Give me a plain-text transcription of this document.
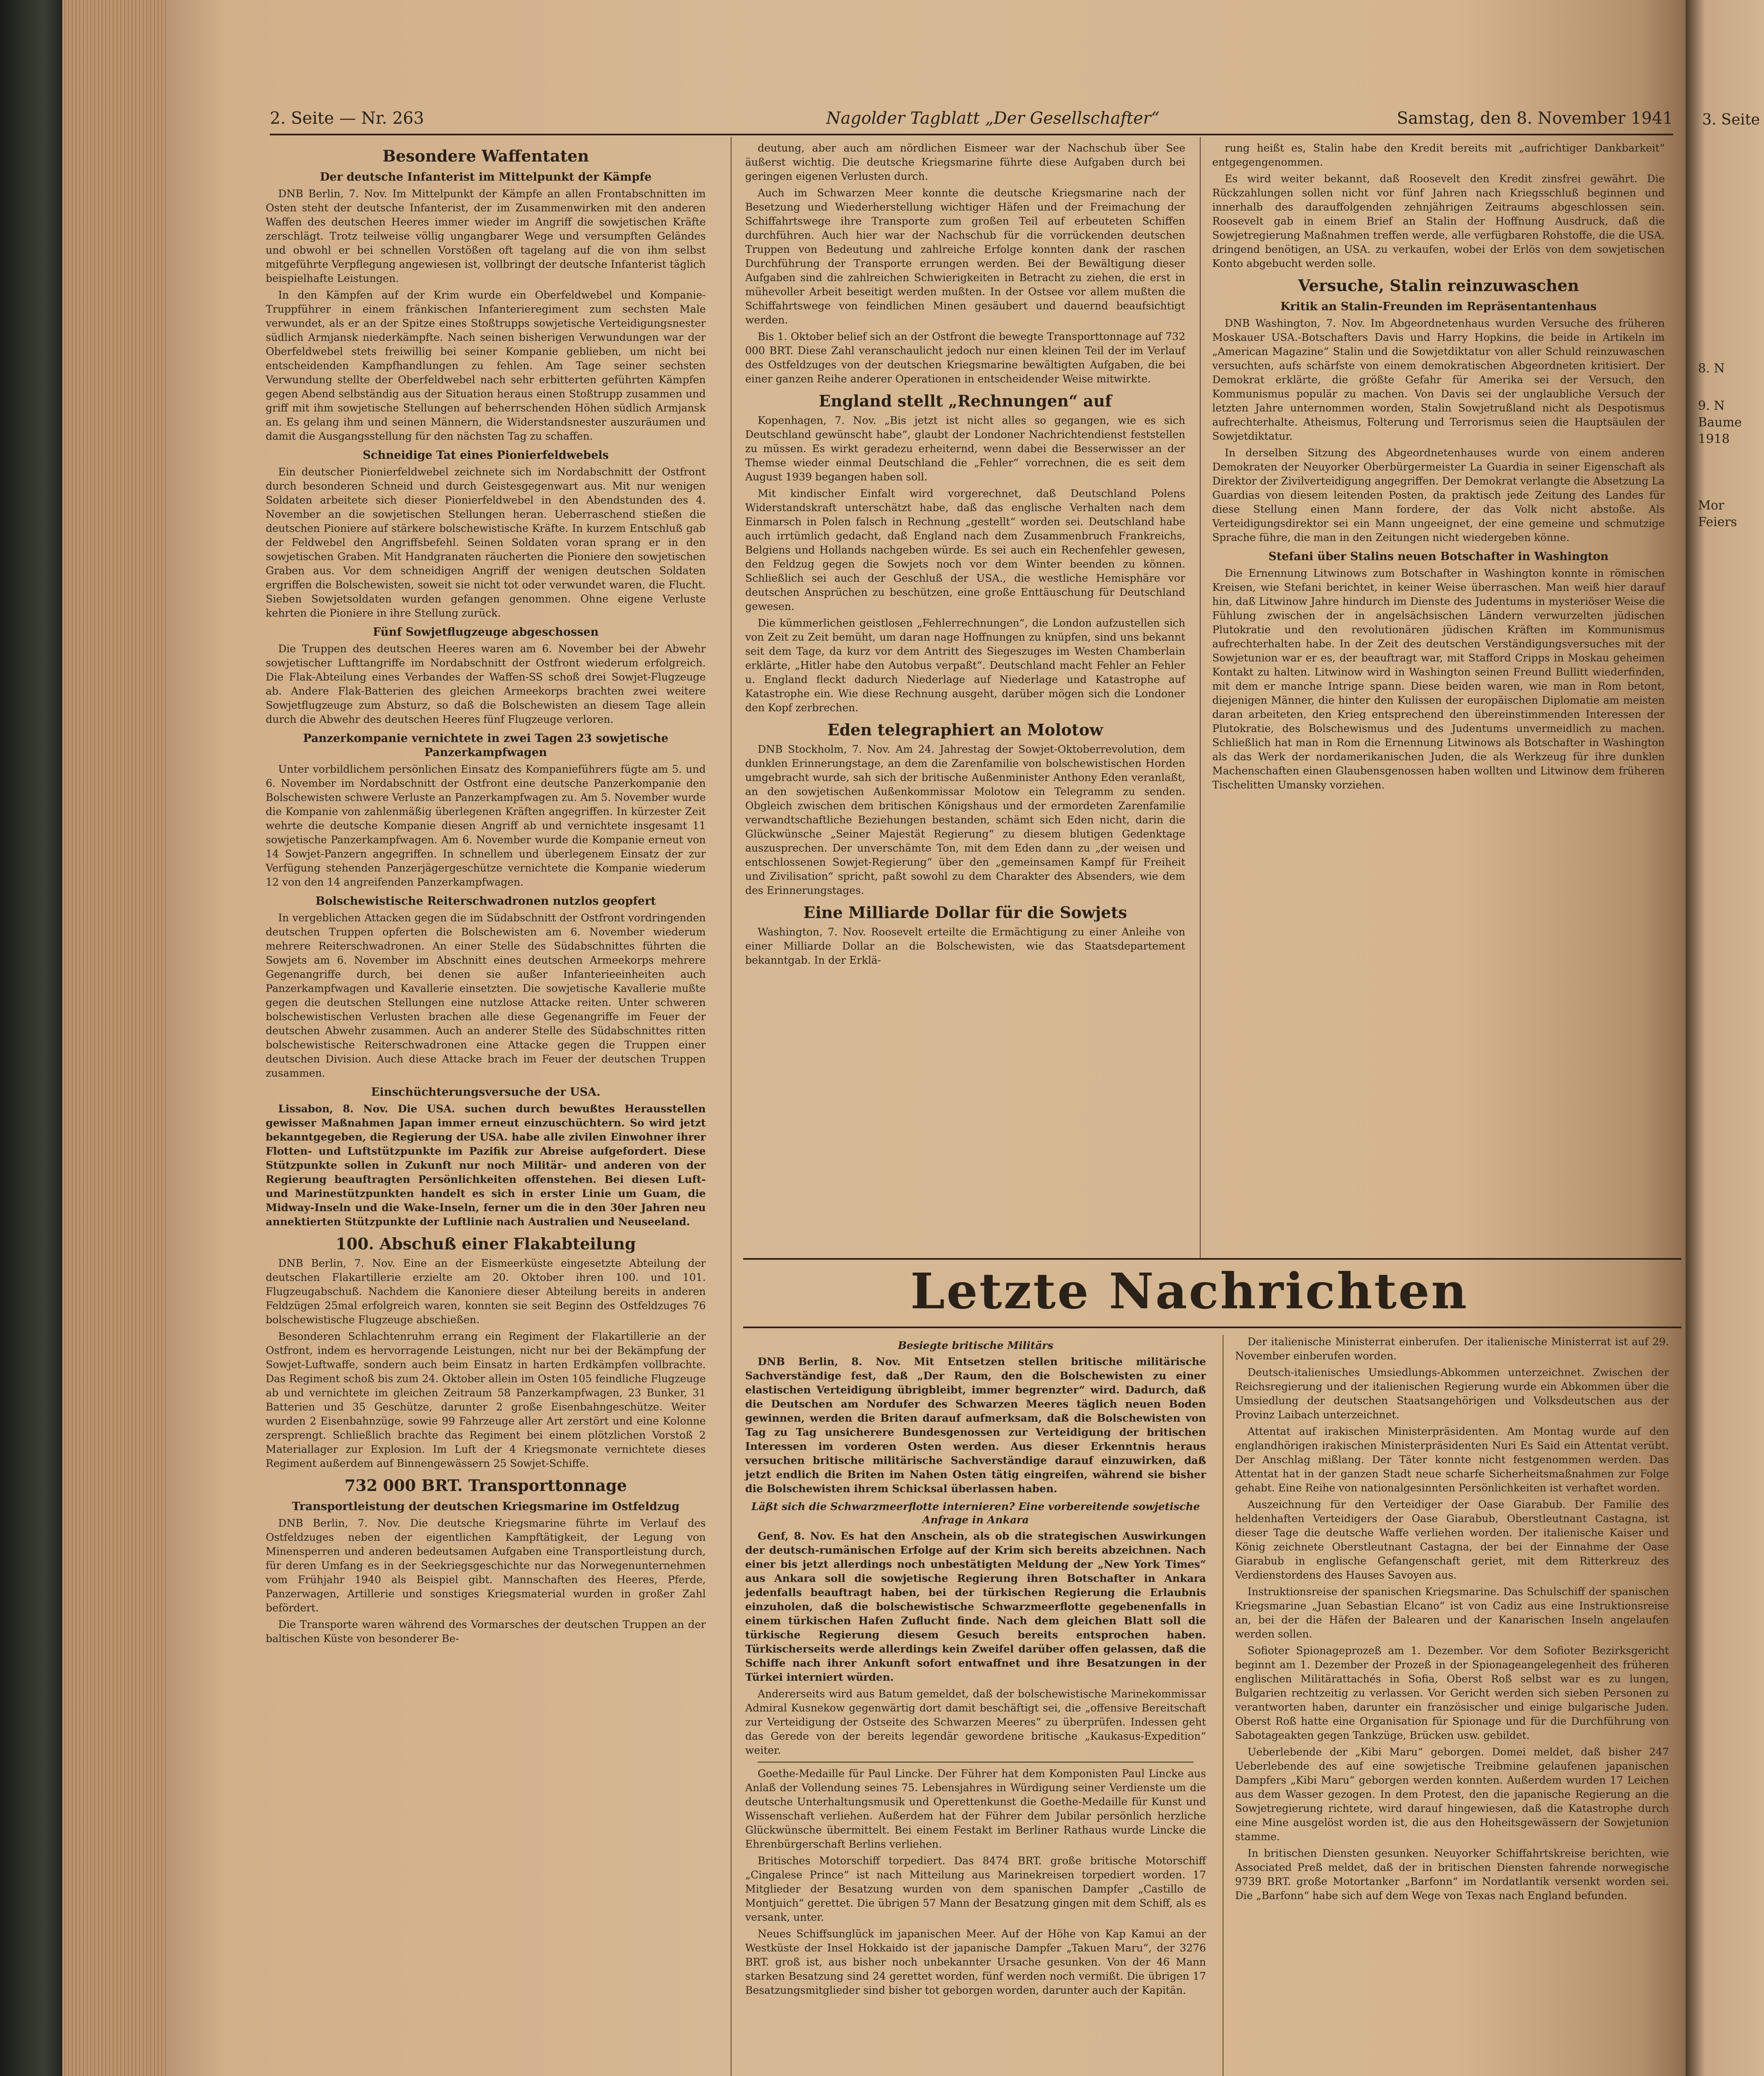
2. Seite — Nr. 263	Nagolder Tagblatt „Der Gesellschafter“	Samstag, den 8. November 1941
Besondere Waffentaten
Der deutsche Infanterist im Mittelpunkt der Kämpfe

DNB Berlin, 7. Nov. Im Mittelpunkt der Kämpfe an allen Frontabschnitten im Osten steht der deutsche Infanterist, der im Zusammenwirken mit den anderen Waffen des deutschen Heeres immer wieder im Angriff die sowjetischen Kräfte zerschlägt. Trotz teilweise völlig ungangbarer Wege und versumpften Geländes und obwohl er bei schnellen Vorstößen oft tagelang auf die von ihm selbst mitgeführte Verpflegung angewiesen ist, vollbringt der deutsche Infanterist täglich beispielhafte Leistungen.

In den Kämpfen auf der Krim wurde ein Oberfeldwebel und Kompanie-Truppführer in einem fränkischen Infanterieregiment zum sechsten Male verwundet, als er an der Spitze eines Stoßtrupps sowjetische Verteidigungsnester südlich Armjansk niederkämpfte. Nach seinen bisherigen Verwundungen war der Oberfeldwebel stets freiwillig bei seiner Kompanie geblieben, um nicht bei entscheidenden Kampfhandlungen zu fehlen. Am Tage seiner sechsten Verwundung stellte der Oberfeldwebel nach sehr erbitterten geführten Kämpfen gegen Abend selbständig aus der Situation heraus einen Stoßtrupp zusammen und griff mit ihm sowjetische Stellungen auf beherrschenden Höhen südlich Armjansk an. Es gelang ihm und seinen Männern, die Widerstandsnester auszuräumen und damit die Ausgangsstellung für den nächsten Tag zu schaffen.

Schneidige Tat eines Pionierfeldwebels

Ein deutscher Pionierfeldwebel zeichnete sich im Nordabschnitt der Ostfront durch besonderen Schneid und durch Geistesgegenwart aus. Mit nur wenigen Soldaten arbeitete sich dieser Pionierfeldwebel in den Abendstunden des 4. November an die sowjetischen Stellungen heran. Ueberraschend stießen die deutschen Pioniere auf stärkere bolschewistische Kräfte. In kurzem Entschluß gab der Feldwebel den Angriffsbefehl. Seinen Soldaten voran sprang er in den sowjetischen Graben. Mit Handgranaten räucherten die Pioniere den sowjetischen Graben aus. Vor dem schneidigen Angriff der wenigen deutschen Soldaten ergriffen die Bolschewisten, soweit sie nicht tot oder verwundet waren, die Flucht. Sieben Sowjetsoldaten wurden gefangen genommen. Ohne eigene Verluste kehrten die Pioniere in ihre Stellung zurück.

Fünf Sowjetflugzeuge abgeschossen

Die Truppen des deutschen Heeres waren am 6. November bei der Abwehr sowjetischer Lufttangriffe im Nordabschnitt der Ostfront wiederum erfolgreich. Die Flak-Abteilung eines Verbandes der Waffen-SS schoß drei Sowjet-Flugzeuge ab. Andere Flak-Batterien des gleichen Armeekorps brachten zwei weitere Sowjetflugzeuge zum Absturz, so daß die Bolschewisten an diesem Tage allein durch die Abwehr des deutschen Heeres fünf Flugzeuge verloren.

Panzerkompanie vernichtete in zwei Tagen 23 sowjetische Panzerkampfwagen

Unter vorbildlichem persönlichen Einsatz des Kompanieführers fügte am 5. und 6. November im Nordabschnitt der Ostfront eine deutsche Panzerkompanie den Bolschewisten schwere Verluste an Panzerkampfwagen zu. Am 5. November wurde die Kompanie von zahlenmäßig überlegenen Kräften angegriffen. In kürzester Zeit wehrte die deutsche Kompanie diesen Angriff ab und vernichtete insgesamt 11 sowjetische Panzerkampfwagen. Am 6. November wurde die Kompanie erneut von 14 Sowjet-Panzern angegriffen. In schnellem und überlegenem Einsatz der zur Verfügung stehenden Panzerjägergeschütze vernichtete die Kompanie wiederum 12 von den 14 angreifenden Panzerkampfwagen.

Bolschewistische Reiterschwadronen nutzlos geopfert

In vergeblichen Attacken gegen die im Südabschnitt der Ostfront vordringenden deutschen Truppen opferten die Bolschewisten am 6. November wiederum mehrere Reiterschwadronen. An einer Stelle des Südabschnittes führten die Sowjets am 6. November im Abschnitt eines deutschen Armeekorps mehrere Gegenangriffe durch, bei denen sie außer Infanterieeinheiten auch Panzerkampfwagen und Kavallerie einsetzten. Die sowjetische Kavallerie mußte gegen die deutschen Stellungen eine nutzlose Attacke reiten. Unter schweren bolschewistischen Verlusten brachen alle diese Gegenangriffe im Feuer der deutschen Abwehr zusammen. Auch an anderer Stelle des Südabschnittes ritten bolschewistische Reiterschwadronen eine Attacke gegen die Truppen einer deutschen Division. Auch diese Attacke brach im Feuer der deutschen Truppen zusammen.

Einschüchterungsversuche der USA.

Lissabon, 8. Nov. Die USA. suchen durch bewußtes Herausstellen gewisser Maßnahmen Japan immer erneut einzuschüchtern. So wird jetzt bekanntgegeben, die Regierung der USA. habe alle zivilen Einwohner ihrer Flotten- und Luftstützpunkte im Pazifik zur Abreise aufgefordert. Diese Stützpunkte sollen in Zukunft nur noch Militär- und anderen von der Regierung beauftragten Persönlichkeiten offenstehen. Bei diesen Luft- und Marinestützpunkten handelt es sich in erster Linie um Guam, die Midway-Inseln und die Wake-Inseln, ferner um die in den 30er Jahren neu annektierten Stützpunkte der Luftlinie nach Australien und Neuseeland.

100. Abschuß einer Flakabteilung

DNB Berlin, 7. Nov. Eine an der Eismeerküste eingesetzte Abteilung der deutschen Flakartillerie erzielte am 20. Oktober ihren 100. und 101. Flugzeugabschuß. Nachdem die Kanoniere dieser Abteilung bereits in anderen Feldzügen 25mal erfolgreich waren, konnten sie seit Beginn des Ostfeldzuges 76 bolschewistische Flugzeuge abschießen.

Besonderen Schlachtenruhm errang ein Regiment der Flakartillerie an der Ostfront, indem es hervorragende Leistungen, nicht nur bei der Bekämpfung der Sowjet-Luftwaffe, sondern auch beim Einsatz in harten Erdkämpfen vollbrachte. Das Regiment schoß bis zum 24. Oktober allein im Osten 105 feindliche Flugzeuge ab und vernichtete im gleichen Zeitraum 58 Panzerkampfwagen, 23 Bunker, 31 Batterien und 35 Geschütze, darunter 2 große Eisenbahngeschütze. Weiter wurden 2 Eisenbahnzüge, sowie 99 Fahrzeuge aller Art zerstört und eine Kolonne zersprengt. Schließlich brachte das Regiment bei einem plötzlichen Vorstoß 2 Materiallager zur Explosion. Im Luft der 4 Kriegsmonate vernichtete dieses Regiment außerdem auf Binnengewässern 25 Sowjet-Schiffe.

732 000 BRT. Transporttonnage
Transportleistung der deutschen Kriegsmarine im Ostfeldzug

DNB Berlin, 7. Nov. Die deutsche Kriegsmarine führte im Verlauf des Ostfeldzuges neben der eigentlichen Kampftätigkeit, der Legung von Minensperren und anderen bedeutsamen Aufgaben eine Transportleistung durch, für deren Umfang es in der Seekriegsgeschichte nur das Norwegenunternehmen vom Frühjahr 1940 als Beispiel gibt. Mannschaften des Heeres, Pferde, Panzerwagen, Artillerie und sonstiges Kriegsmaterial wurden in großer Zahl befördert.

Die Transporte waren während des Vormarsches der deutschen Truppen an der baltischen Küste von besonderer Be-

deutung, aber auch am nördlichen Eismeer war der Nachschub über See äußerst wichtig. Die deutsche Kriegsmarine führte diese Aufgaben durch bei geringen eigenen Verlusten durch.

Auch im Schwarzen Meer konnte die deutsche Kriegsmarine nach der Besetzung und Wiederherstellung wichtiger Häfen und der Freimachung der Schiffahrtswege ihre Transporte zum großen Teil auf erbeuteten Schiffen durchführen. Auch hier war der Nachschub für die vorrückenden deutschen Truppen von Bedeutung und zahlreiche Erfolge konnten dank der raschen Durchführung der Transporte errungen werden. Bei der Bewältigung dieser Aufgaben sind die zahlreichen Schwierigkeiten in Betracht zu ziehen, die erst in mühevoller Arbeit beseitigt werden mußten. In der Ostsee vor allem mußten die Schiffahrtswege von feindlichen Minen gesäubert und dauernd beaufsichtigt werden.

Bis 1. Oktober belief sich an der Ostfront die bewegte Transporttonnage auf 732 000 BRT. Diese Zahl veranschaulicht jedoch nur einen kleinen Teil der im Verlauf des Ostfeldzuges von der deutschen Kriegsmarine bewältigten Aufgaben, die bei einer ganzen Reihe anderer Operationen in entscheidender Weise mitwirkte.

England stellt „Rechnungen“ auf

Kopenhagen, 7. Nov. „Bis jetzt ist nicht alles so gegangen, wie es sich Deutschland gewünscht habe“, glaubt der Londoner Nachrichtendienst feststellen zu müssen. Es wirkt geradezu erheiternd, wenn dabei die Besserwisser an der Themse wieder einmal Deutschland die „Fehler“ vorrechnen, die es seit dem August 1939 begangen haben soll.

Mit kindischer Einfalt wird vorgerechnet, daß Deutschland Polens Widerstandskraft unterschätzt habe, daß das englische Verhalten nach dem Einmarsch in Polen falsch in Rechnung „gestellt“ worden sei. Deutschland habe auch irrtümlich gedacht, daß England nach dem Zusammenbruch Frankreichs, Belgiens und Hollands nachgeben würde. Es sei auch ein Rechenfehler gewesen, den Feldzug gegen die Sowjets noch vor dem Winter beenden zu können. Schließlich sei auch der Geschluß der USA., die westliche Hemisphäre vor deutschen Ansprüchen zu beschützen, eine große Enttäuschung für Deutschland gewesen.

Die kümmerlichen geistlosen „Fehlerrechnungen“, die London aufzustellen sich von Zeit zu Zeit bemüht, um daran nage Hoffnungen zu knüpfen, sind uns bekannt seit dem Tage, da kurz vor dem Antritt des Siegeszuges im Westen Chamberlain erklärte, „Hitler habe den Autobus verpaßt“. Deutschland macht Fehler an Fehler u. England fleckt dadurch Niederlage auf Niederlage und Katastrophe auf Katastrophe ein. Wie diese Rechnung ausgeht, darüber mögen sich die Londoner den Kopf zerbrechen.

Eden telegraphiert an Molotow

DNB Stockholm, 7. Nov. Am 24. Jahrestag der Sowjet-Oktoberrevolution, dem dunklen Erinnerungstage, an dem die Zarenfamilie von bolschewistischen Horden umgebracht wurde, sah sich der britische Außenminister Anthony Eden veranlaßt, an den sowjetischen Außenkommissar Molotow ein Telegramm zu senden. Obgleich zwischen dem britischen Königshaus und der ermordeten Zarenfamilie verwandtschaftliche Beziehungen bestanden, schämt sich Eden nicht, darin die Glückwünsche „Seiner Majestät Regierung“ zu diesem blutigen Gedenktage auszusprechen. Der unverschämte Ton, mit dem Eden dann zu „der weisen und entschlossenen Sowjet-Regierung“ über den „gemeinsamen Kampf für Freiheit und Zivilisation“ spricht, paßt sowohl zu dem Charakter des Absenders, wie dem des Erinnerungstages.

Eine Milliarde Dollar für die Sowjets

Washington, 7. Nov. Roosevelt erteilte die Ermächtigung zu einer Anleihe von einer Milliarde Dollar an die Bolschewisten, wie das Staatsdepartement bekanntgab. In der Erklä-

rung heißt es, Stalin habe den Kredit bereits mit „aufrichtiger Dankbarkeit“ entgegengenommen.

Es wird weiter bekannt, daß Roosevelt den Kredit zinsfrei gewährt. Die Rückzahlungen sollen nicht vor fünf Jahren nach Kriegsschluß beginnen und innerhalb des darauffolgenden zehnjährigen Zeitraums abgeschlossen sein. Roosevelt gab in einem Brief an Stalin der Hoffnung Ausdruck, daß die Sowjetregierung Maßnahmen treffen werde, alle verfügbaren Rohstoffe, die die USA. dringend benötigen, an USA. zu verkaufen, wobei der Erlös von dem sowjetischen Konto abgebucht werden solle.

Versuche, Stalin reinzuwaschen
Kritik an Stalin-Freunden im Repräsentantenhaus

DNB Washington, 7. Nov. Im Abgeordnetenhaus wurden Versuche des früheren Moskauer USA.-Botschafters Davis und Harry Hopkins, die beide in Artikeln im „American Magazine“ Stalin und die Sowjetdiktatur von aller Schuld reinzuwaschen versuchten, aufs schärfste von einem demokratischen Abgeordneten kritisiert. Der Demokrat erklärte, die größte Gefahr für Amerika sei der Versuch, den Kommunismus populär zu machen. Von Davis sei der unglaubliche Versuch der letzten Jahre unternommen worden, Stalin Sowjetrußland nicht als Despotismus aufrechterhalte. Atheismus, Folterung und Terrorismus seien die Hauptsäulen der Sowjetdiktatur.

In derselben Sitzung des Abgeordnetenhauses wurde von einem anderen Demokraten der Neuyorker Oberbürgermeister La Guardia in seiner Eigenschaft als Direktor der Zivilverteidigung angegriffen. Der Demokrat verlangte die Absetzung La Guardias von diesem leitenden Posten, da praktisch jede Zeitung des Landes für diese Stellung einen Mann fordere, der das Volk nicht abstoße. Als Verteidigungsdirektor sei ein Mann ungeeignet, der eine gemeine und schmutzige Sprache führe, die man in den Zeitungen nicht wiedergeben könne.

Stefani über Stalins neuen Botschafter in Washington

Die Ernennung Litwinows zum Botschafter in Washington konnte in römischen Kreisen, wie Stefani berichtet, in keiner Weise überraschen. Man weiß hier darauf hin, daß Litwinow Jahre hindurch im Dienste des Judentums in mysteriöser Weise die Fühlung zwischen der in angelsächsischen Ländern verwurzelten jüdischen Plutokratie und den revolutionären jüdischen Kräften im Kommunismus aufrechterhalten habe. In der Zeit des deutschen Verständigungsversuches mit der Sowjetunion war er es, der beauftragt war, mit Stafford Cripps in Moskau geheimen Kontakt zu halten. Litwinow wird in Washington seinen Freund Bullitt wiederfinden, mit dem er manche Intrige spann. Diese beiden waren, wie man in Rom betont, diejenigen Männer, die hinter den Kulissen der europäischen Diplomatie am meisten daran arbeiteten, den Krieg entsprechend den übereinstimmenden Interessen der Plutokratie, des Bolschewismus und des Judentums unvermeidlich zu machen. Schließlich hat man in Rom die Ernennung Litwinows als Botschafter in Washington als das Werk der nordamerikanischen Juden, die als Werkzeug für ihre dunklen Machenschaften einen Glaubensgenossen haben wollten und Litwinow dem früheren Tischelitten Umansky vorziehen.

Letzte Nachrichten
Besiegte britische Militärs

DNB Berlin, 8. Nov. Mit Entsetzen stellen britische militärische Sachverständige fest, daß „Der Raum, den die Bolschewisten zu einer elastischen Verteidigung übrigbleibt, immer begrenzter“ wird. Dadurch, daß die Deutschen am Nordufer des Schwarzen Meeres täglich neuen Boden gewinnen, werden die Briten darauf aufmerksam, daß die Bolschewisten von Tag zu Tag unsicherere Bundesgenossen zur Verteidigung der britischen Interessen im vorderen Osten werden. Aus dieser Erkenntnis heraus versuchen britische militärische Sachverständige darauf einzuwirken, daß jetzt endlich die Briten im Nahen Osten tätig eingreifen, während sie bisher die Bolschewisten ihrem Schicksal überlassen haben.

Läßt sich die Schwarzmeerflotte internieren? Eine vorbereitende sowjetische Anfrage in Ankara

Genf, 8. Nov. Es hat den Anschein, als ob die strategischen Auswirkungen der deutsch-rumänischen Erfolge auf der Krim sich bereits abzeichnen. Nach einer bis jetzt allerdings noch unbestätigten Meldung der „New York Times“ aus Ankara soll die sowjetische Regierung ihren Botschafter in Ankara jedenfalls beauftragt haben, bei der türkischen Regierung die Erlaubnis einzuholen, daß die bolschewistische Schwarzmeerflotte gegebenenfalls in einem türkischen Hafen Zuflucht finde. Nach dem gleichen Blatt soll die türkische Regierung diesem Gesuch bereits entsprochen haben. Türkischerseits werde allerdings kein Zweifel darüber offen gelassen, daß die Schiffe nach ihrer Ankunft sofort entwaffnet und ihre Besatzungen in der Türkei interniert würden.

Andererseits wird aus Batum gemeldet, daß der bolschewistische Marinekommissar Admiral Kusnekow gegenwärtig dort damit beschäftigt sei, die „offensive Bereitschaft zur Verteidigung der Ostseite des Schwarzen Meeres“ zu überprüfen. Indessen geht das Gerede von der bereits legendär gewordene britische „Kaukasus-Expedition“ weiter.

Goethe-Medaille für Paul Lincke. Der Führer hat dem Komponisten Paul Lincke aus Anlaß der Vollendung seines 75. Lebensjahres in Würdigung seiner Verdienste um die deutsche Unterhaltungsmusik und Operettenkunst die Goethe-Medaille für Kunst und Wissenschaft verliehen. Außerdem hat der Führer dem Jubilar persönlich herzliche Glückwünsche übermittelt. Bei einem Festakt im Berliner Rathaus wurde Lincke die Ehrenbürgerschaft Berlins verliehen.

Britisches Motorschiff torpediert. Das 8474 BRT. große britische Motorschiff „Cingalese Prince“ ist nach Mitteilung aus Marinekreisen torpediert worden. 17 Mitglieder der Besatzung wurden von dem spanischen Dampfer „Castillo de Montjuich“ gerettet. Die übrigen 57 Mann der Besatzung gingen mit dem Schiff, als es versank, unter.

Neues Schiffsunglück im japanischen Meer. Auf der Höhe von Kap Kamui an der Westküste der Insel Hokkaido ist der japanische Dampfer „Takuen Maru“, der 3276 BRT. groß ist, aus bisher noch unbekannter Ursache gesunken. Von der 46 Mann starken Besatzung sind 24 gerettet worden, fünf werden noch vermißt. Die übrigen 17 Besatzungsmitglieder sind bisher tot geborgen worden, darunter auch der Kapitän.

Der italienische Ministerrat einberufen. Der italienische Ministerrat ist auf 29. November einberufen worden.

Deutsch-italienisches Umsiedlungs-Abkommen unterzeichnet. Zwischen der Reichsregierung und der italienischen Regierung wurde ein Abkommen über die Umsiedlung der deutschen Staatsangehörigen und Volksdeutschen aus der Provinz Laibach unterzeichnet.

Attentat auf irakischen Ministerpräsidenten. Am Montag wurde auf den englandhörigen irakischen Ministerpräsidenten Nuri Es Said ein Attentat verübt. Der Anschlag mißlang. Der Täter konnte nicht festgenommen werden. Das Attentat hat in der ganzen Stadt neue scharfe Sicherheitsmaßnahmen zur Folge gehabt. Eine Reihe von nationalgesinnten Persönlichkeiten ist verhaftet worden.

Auszeichnung für den Verteidiger der Oase Giarabub. Der Familie des heldenhaften Verteidigers der Oase Giarabub, Oberstleutnant Castagna, ist dieser Tage die deutsche Waffe verliehen worden. Der italienische Kaiser und König zeichnete Oberstleutnant Castagna, der bei der Einnahme der Oase Giarabub in englische Gefangenschaft geriet, mit dem Ritterkreuz des Verdienstordens des Hauses Savoyen aus.

Instruktionsreise der spanischen Kriegsmarine. Das Schulschiff der spanischen Kriegsmarine „Juan Sebastian Elcano“ ist von Cadiz aus eine Instruktionsreise an, bei der die Häfen der Balearen und der Kanarischen Inseln angelaufen werden sollen.

Sofioter Spionageprozeß am 1. Dezember. Vor dem Sofioter Bezirksgericht beginnt am 1. Dezember der Prozeß in der Spionageangelegenheit des früheren englischen Militärattachés in Sofia, Oberst Roß selbst war es zu lungen, Bulgarien rechtzeitig zu verlassen. Vor Gericht werden sich sieben Personen zu verantworten haben, darunter ein französischer und einige bulgarische Juden. Oberst Roß hatte eine Organisation für Spionage und für die Durchführung von Sabotageakten gegen Tankzüge, Brücken usw. gebildet.

Ueberlebende der „Kibi Maru“ geborgen. Domei meldet, daß bisher 247 Ueberlebende des auf eine sowjetische Treibmine gelaufenen japanischen Dampfers „Kibi Maru“ geborgen werden konnten. Außerdem wurden 17 Leichen aus dem Wasser gezogen. In dem Protest, den die japanische Regierung an die Sowjetregierung richtete, wird darauf hingewiesen, daß die Katastrophe durch eine Mine ausgelöst worden ist, die aus den Hoheitsgewässern der Sowjetunion stamme.

In britischen Diensten gesunken. Neuyorker Schiffahrtskreise berichten, wie Associated Preß meldet, daß der in britischen Diensten fahrende norwegische 9739 BRT. große Motortanker „Barfonn“ im Nordatlantik versenkt worden sei. Die „Barfonn“ habe sich auf dem Wege von Texas nach England befunden.

3. Seite
8. N
9. N
Baume
1918
Mor
Feiers
